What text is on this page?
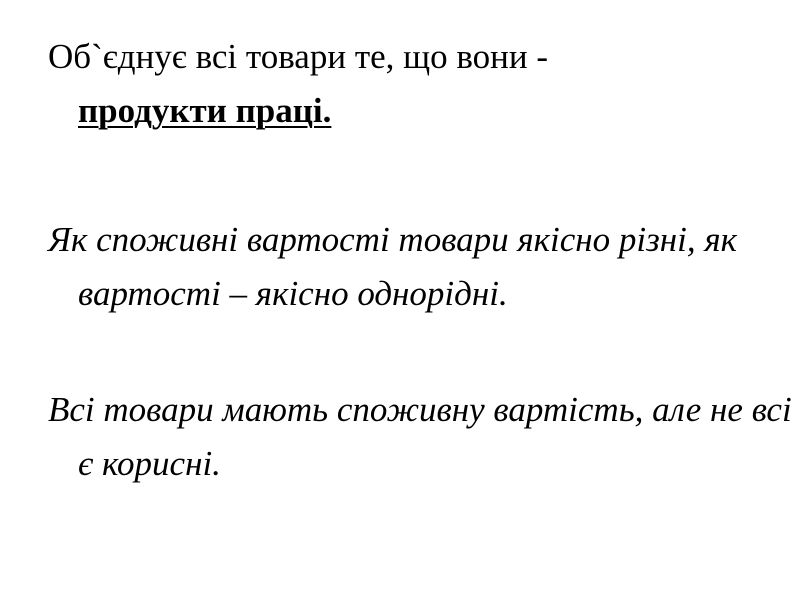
Об`єднує всі товари те, що вони - продукти праці.

Як споживні вартості товари якісно різні, як вартості – якісно однорідні.

Всі товари мають споживну вартість, але не всі є корисні.
